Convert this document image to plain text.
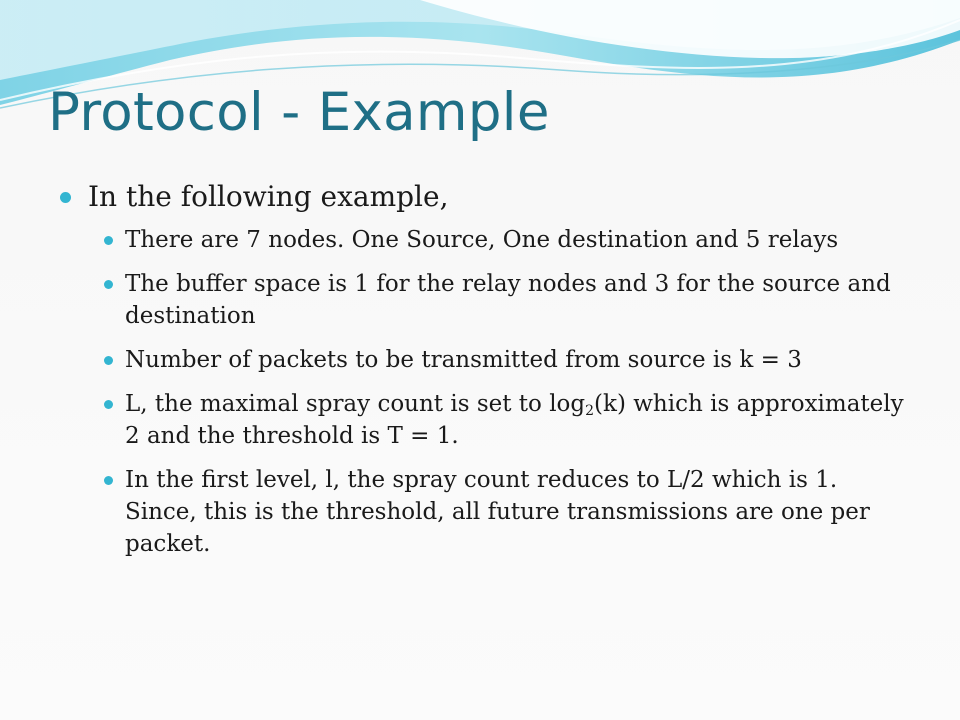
Protocol - Example
In the following example,
There are 7 nodes. One Source, One destination and 5 relays
The buffer space is 1 for the relay nodes and 3 for the source and destination
Number of packets to be transmitted from source is k = 3
L, the maximal spray count is set to $\log_2(k)$ which is approximately 2 and the threshold is T = 1.
In the first level, l, the spray count reduces to L/2 which is 1. Since, this is the threshold, all future transmissions are one per packet.
